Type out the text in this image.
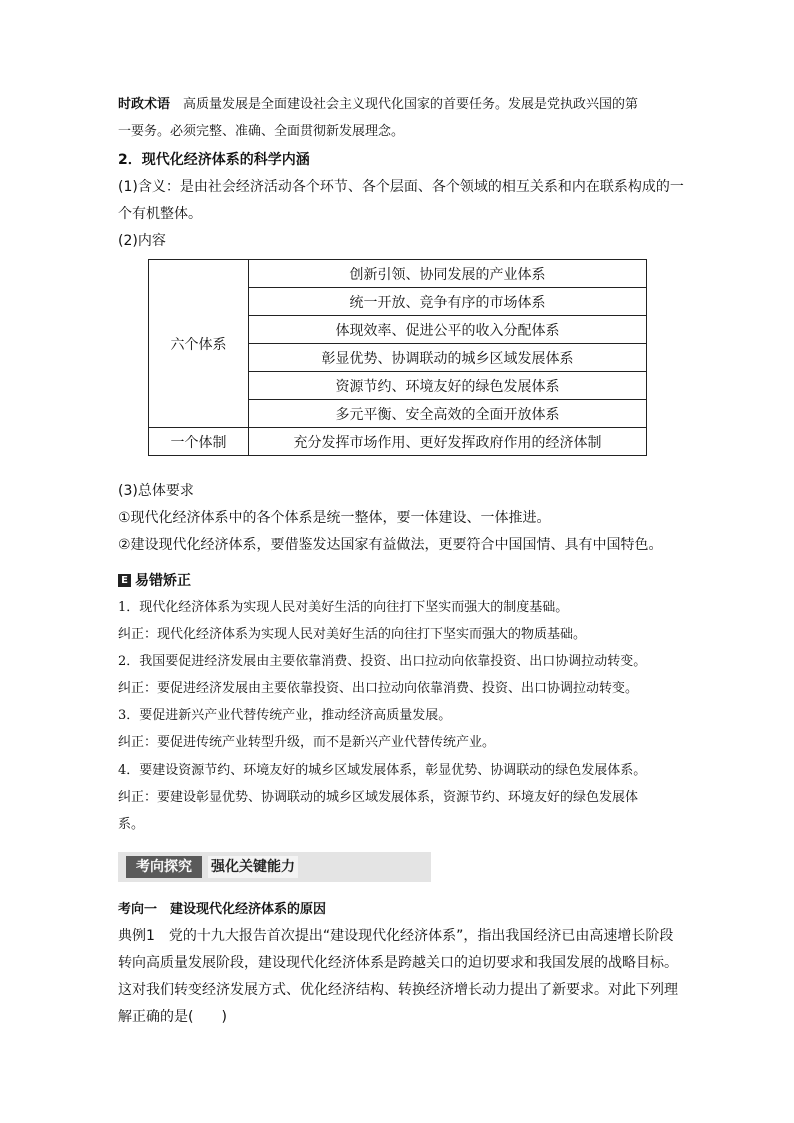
时政术语　 高质量发展是全面建设社会主义现代化国家的首要任务。发展是党执政兴国的第
一要务。必须完整、准确、全面贯彻新发展理念。
2．现代化经济体系的科学内涵
(1)含义：是由社会经济活动各个环节、各个层面、各个领域的相互关系和内在联系构成的一
个有机整体。
(2)内容
六个体系	创新引领、协同发展的产业体系
	统一开放、竞争有序的市场体系
	体现效率、促进公平的收入分配体系
	彰显优势、协调联动的城乡区域发展体系
	资源节约、环境友好的绿色发展体系
	多元平衡、安全高效的全面开放体系
一个体制	充分发挥市场作用、更好发挥政府作用的经济体制
(3)总体要求
①现代化经济体系中的各个体系是统一整体，要一体建设、一体推进。
②建设现代化经济体系，要借鉴发达国家有益做法，更要符合中国国情、具有中国特色。
E 易错矫正
1．现代化经济体系为实现人民对美好生活的向往打下坚实而强大的制度基础。
纠正：现代化经济体系为实现人民对美好生活的向往打下坚实而强大的物质基础。
2．我国要促进经济发展由主要依靠消费、投资、出口拉动向依靠投资、出口协调拉动转变。
纠正：要促进经济发展由主要依靠投资、出口拉动向依靠消费、投资、出口协调拉动转变。
3．要促进新兴产业代替传统产业，推动经济高质量发展。
纠正：要促进传统产业转型升级，而不是新兴产业代替传统产业。
4．要建设资源节约、环境友好的城乡区域发展体系，彰显优势、协调联动的绿色发展体系。
纠正：要建设彰显优势、协调联动的城乡区域发展体系，资源节约、环境友好的绿色发展体
系。
考向探究	强化关键能力
考向一　建设现代化经济体系的原因
典例1　党的十九大报告首次提出“建设现代化经济体系”，指出我国经济已由高速增长阶段
转向高质量发展阶段，建设现代化经济体系是跨越关口的迫切要求和我国发展的战略目标。
这对我们转变经济发展方式、优化经济结构、转换经济增长动力提出了新要求。对此下列理
解正确的是(　　)
